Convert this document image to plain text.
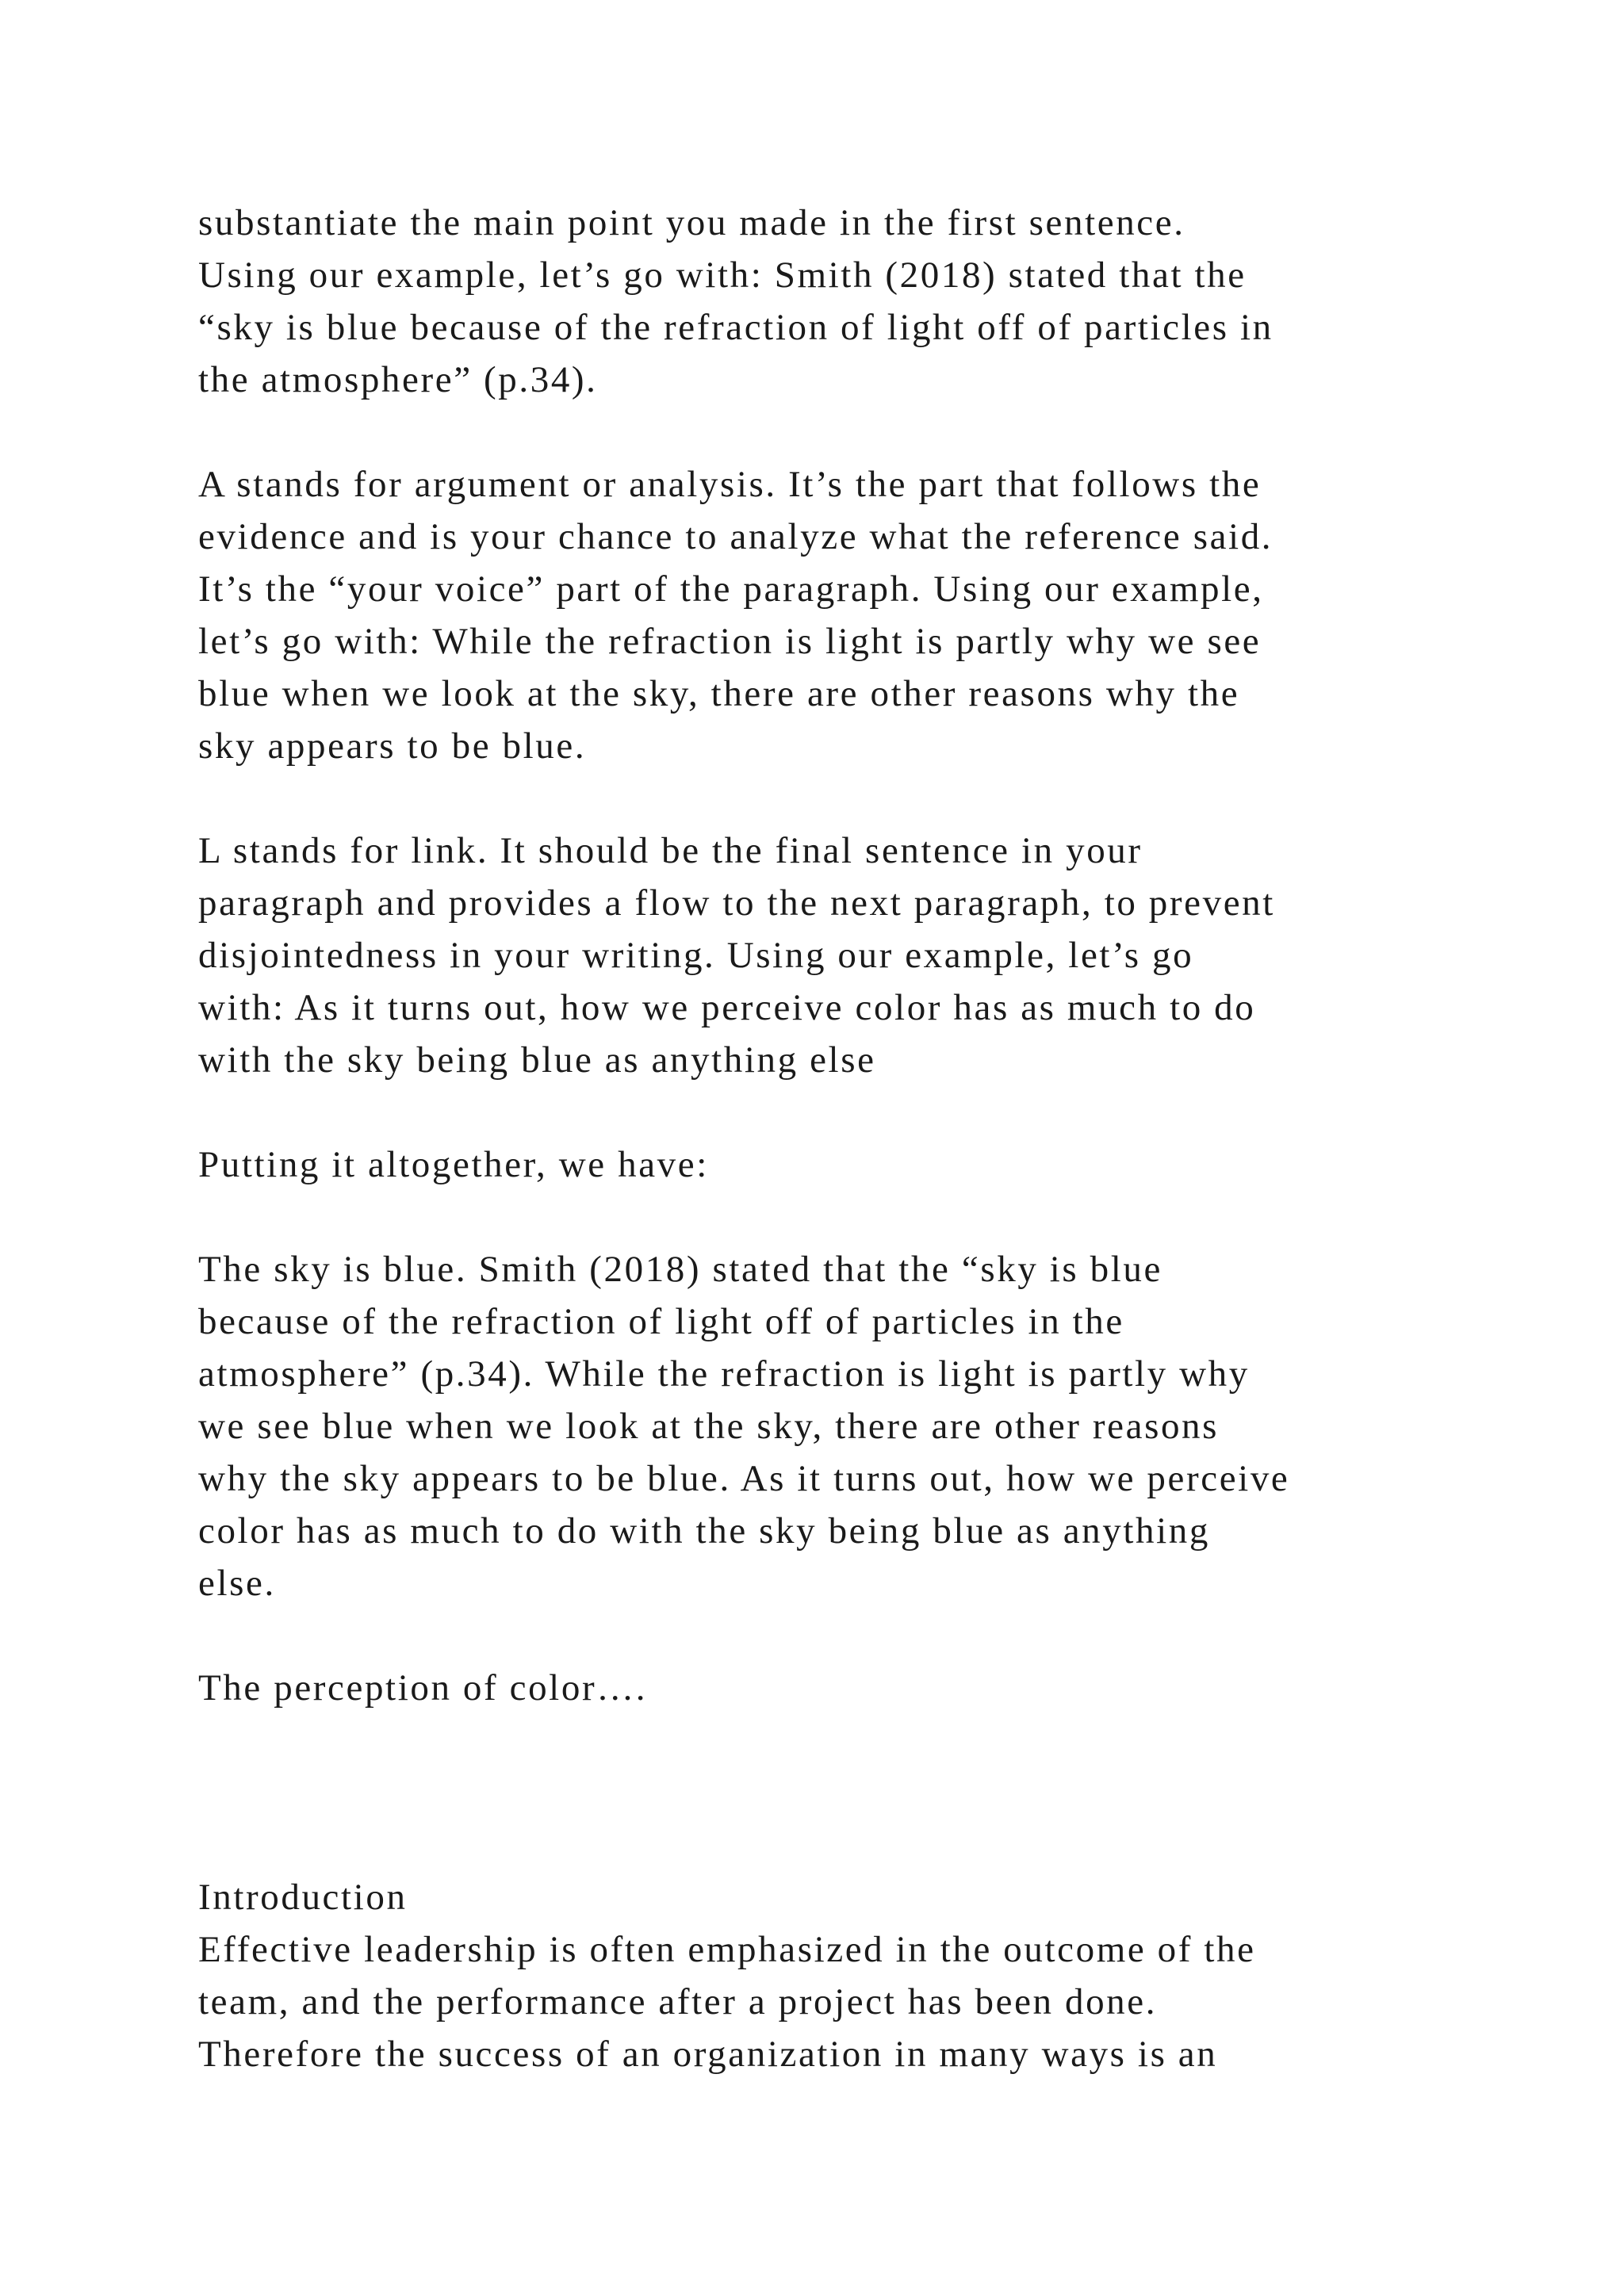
substantiate the main point you made in the first sentence.
Using our example, let’s go with: Smith (2018) stated that the
“sky is blue because of the refraction of light off of particles in
the atmosphere” (p.34).
A stands for argument or analysis. It’s the part that follows the
evidence and is your chance to analyze what the reference said.
It’s the “your voice” part of the paragraph. Using our example,
let’s go with: While the refraction is light is partly why we see
blue when we look at the sky, there are other reasons why the
sky appears to be blue.
L stands for link. It should be the final sentence in your
paragraph and provides a flow to the next paragraph, to prevent
disjointedness in your writing. Using our example, let’s go
with: As it turns out, how we perceive color has as much to do
with the sky being blue as anything else
Putting it altogether, we have:
The sky is blue. Smith (2018) stated that the “sky is blue
because of the refraction of light off of particles in the
atmosphere” (p.34). While the refraction is light is partly why
we see blue when we look at the sky, there are other reasons
why the sky appears to be blue. As it turns out, how we perceive
color has as much to do with the sky being blue as anything
else.
The perception of color….
Introduction
Effective leadership is often emphasized in the outcome of the
team, and the performance after a project has been done.
Therefore the success of an organization in many ways is an
